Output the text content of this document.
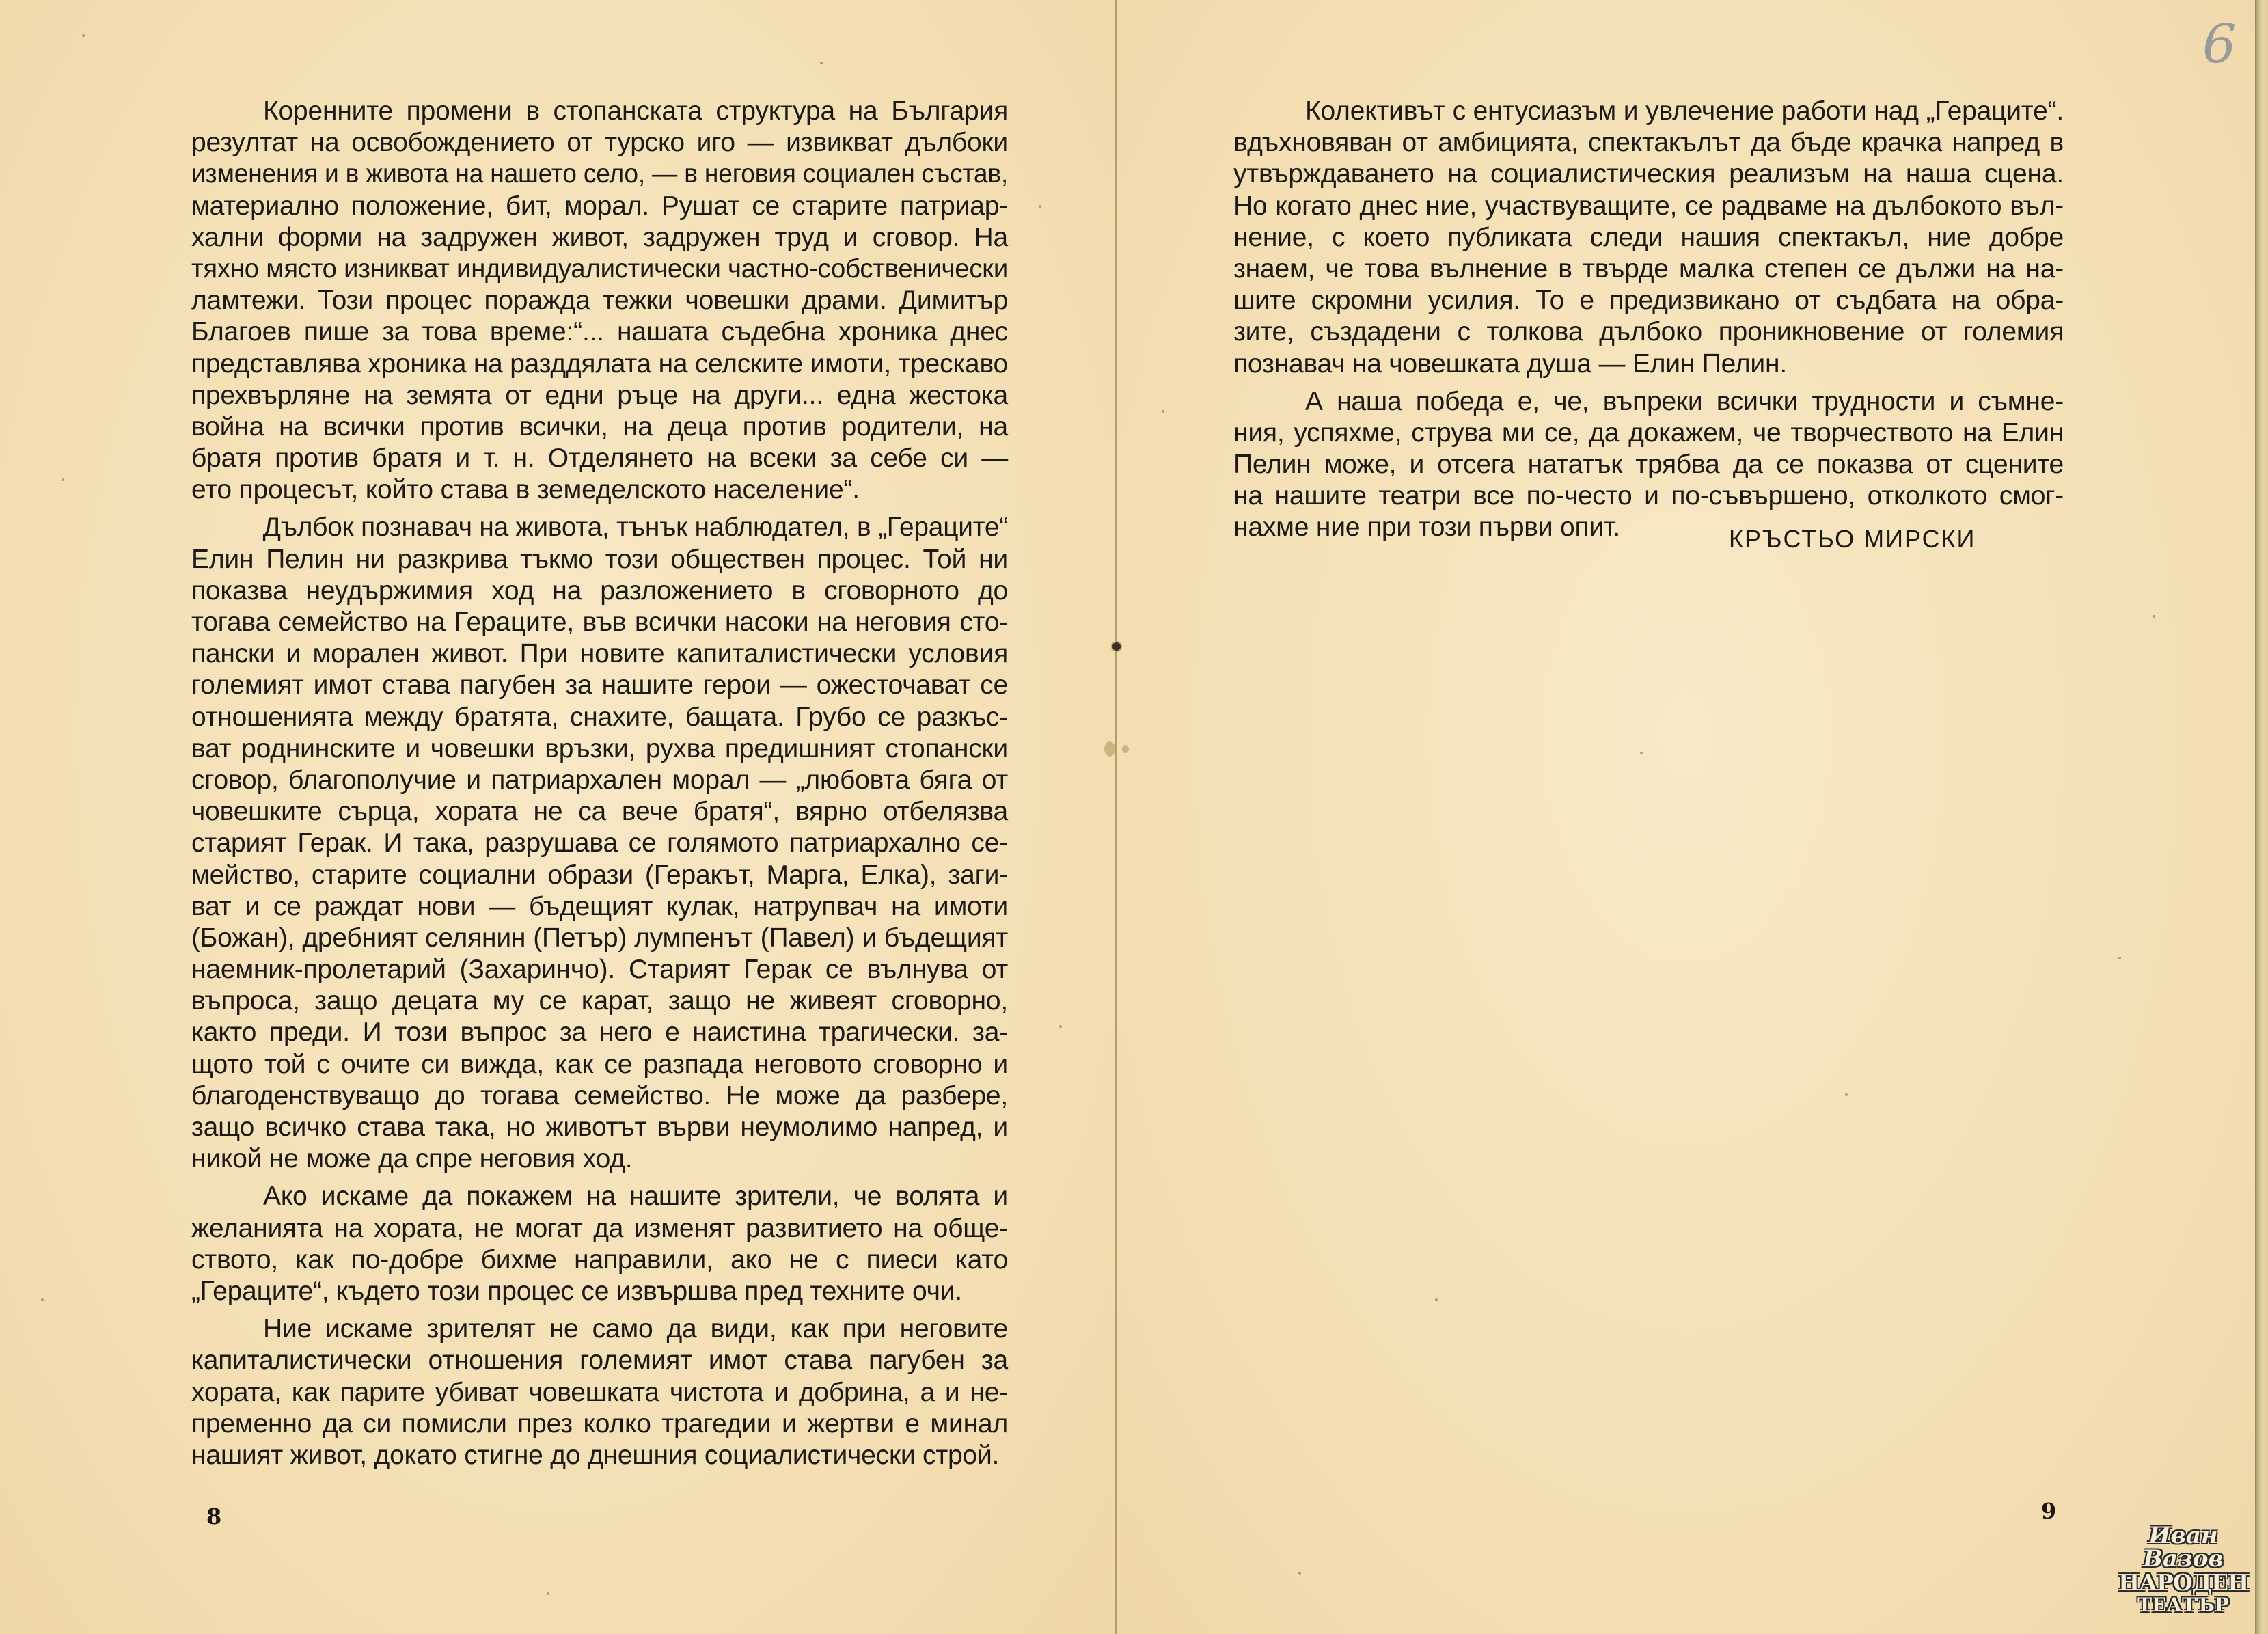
6
Коренните промени в стопанската структура на България
резултат на освобождението от турско иго — извикват дълбоки
изменения и в живота на нашето село, — в неговия социален състав,
материално положение, бит, морал. Рушат се старите патриар-
хални форми на задружен живот, задружен труд и сговор. На
тяхно място изникват индивидуалистически частно-собственически
ламтежи. Този процес поражда тежки човешки драми. Димитър
Благоев пише за това време:“... нашата съдебна хроника днес
представлява хроника на разддялата на селските имоти, трескаво
прехвърляне на земята от едни ръце на други... една жестока
война на всички против всички, на деца против родители, на
братя против братя и т. н. Отделянето на всеки за себе си —
ето процесът, който става в земеделското население“.
Дълбок познавач на живота, тънък наблюдател, в „Гераците“
Елин Пелин ни разкрива тъкмо този обществен процес. Той ни
показва неудържимия ход на разложението в сговорното до
тогава семейство на Гераците, във всички насоки на неговия сто-
пански и морален живот. При новите капиталистически условия
големият имот става пагубен за нашите герои — ожесточават се
отношенията между братята, снахите, бащата. Грубо се разкъс-
ват роднинските и човешки връзки, рухва предишният стопански
сговор, благополучие и патриархален морал — „любовта бяга от
човешките сърца, хората не са вече братя“, вярно отбелязва
старият Герак. И така, разрушава се голямото патриархално се-
мейство, старите социални образи (Геракът, Марга, Елка), заги-
ват и се раждат нови — бъдещият кулак, натрупвач на имоти
(Божан), дребният селянин (Петър) лумпенът (Павел) и бъдещият
наемник-пролетарий (Захаринчо). Старият Герак се вълнува от
въпроса, защо децата му се карат, защо не живеят сговорно,
както преди. И този въпрос за него е наистина трагически. за-
щото той с очите си вижда, как се разпада неговото сговорно и
благоденствуващо до тогава семейство. Не може да разбере,
защо всичко става така, но животът върви неумолимо напред, и
никой не може да спре неговия ход.
Ако искаме да покажем на нашите зрители, че волята и
желанията на хората, не могат да изменят развитието на обще-
ството, как по-добре бихме направили, ако не с пиеси като
„Гераците“, където този процес се извършва пред техните очи.
Ние искаме зрителят не само да види, как при неговите
капиталистически отношения големият имот става пагубен за
хората, как парите убиват човешката чистота и добрина, а и не-
пременно да си помисли през колко трагедии и жертви е минал
нашият живот, докато стигне до днешния социалистически строй.
Колективът с ентусиазъм и увлечение работи над „Гераците“.
вдъхновяван от амбицията, спектакълът да бъде крачка напред в
утвърждаването на социалистическия реализъм на наша сцена.
Но когато днес ние, участвуващите, се радваме на дълбокото въл-
нение, с което публиката следи нашия спектакъл, ние добре
знаем, че това вълнение в твърде малка степен се дължи на на-
шите скромни усилия. То е предизвикано от съдбата на обра-
зите, създадени с толкова дълбоко проникновение от големия
познавач на човешката душа — Елин Пелин.
А наша победа е, че, въпреки всички трудности и съмне-
ния, успяхме, струва ми се, да докажем, че творчеството на Елин
Пелин може, и отсега нататък трябва да се показва от сцените
на нашите театри все по-често и по-съвършено, отколкото смог-
нахме ние при този първи опит.	КРЪСТЬО МИРСКИ
8	9
Иван Вазов
НАРОДЕН
ТЕАТЪР
